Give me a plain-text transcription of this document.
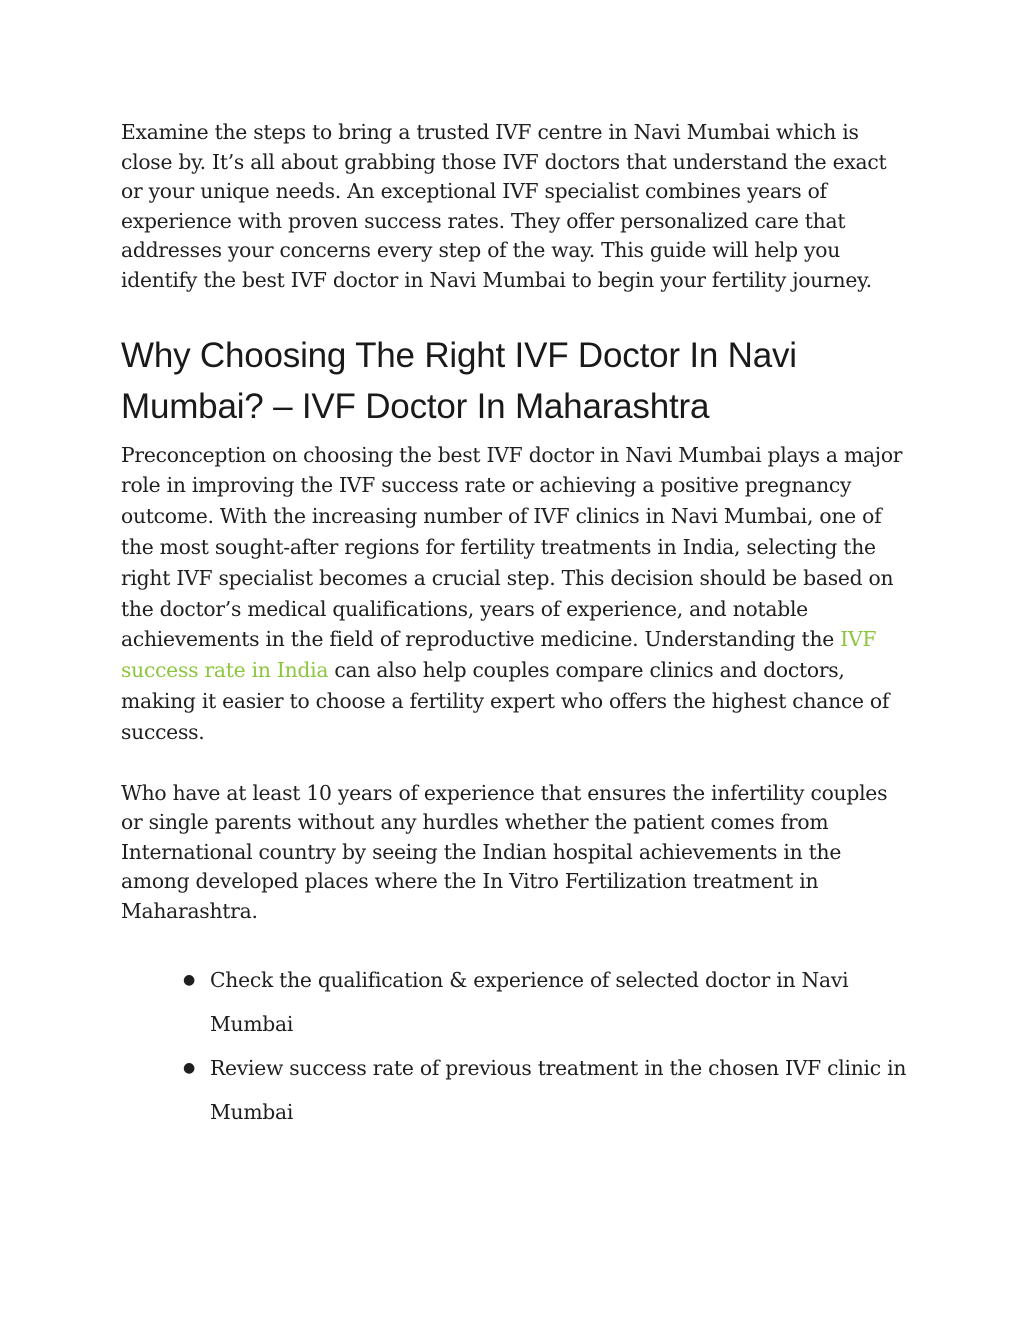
Examine the steps to bring a trusted IVF centre in Navi Mumbai which is close by. It’s all about grabbing those IVF doctors that understand the exact or your unique needs. An exceptional IVF specialist combines years of experience with proven success rates. They offer personalized care that addresses your concerns every step of the way. This guide will help you identify the best IVF doctor in Navi Mumbai to begin your fertility journey.

Why Choosing The Right IVF Doctor In Navi Mumbai? – IVF Doctor In Maharashtra

Preconception on choosing the best IVF doctor in Navi Mumbai plays a major role in improving the IVF success rate or achieving a positive pregnancy outcome. With the increasing number of IVF clinics in Navi Mumbai, one of the most sought-after regions for fertility treatments in India, selecting the right IVF specialist becomes a crucial step. This decision should be based on the doctor’s medical qualifications, years of experience, and notable achievements in the field of reproductive medicine. Understanding the IVF success rate in India can also help couples compare clinics and doctors, making it easier to choose a fertility expert who offers the highest chance of success.

Who have at least 10 years of experience that ensures the infertility couples or single parents without any hurdles whether the patient comes from International country by seeing the Indian hospital achievements in the among developed places where the In Vitro Fertilization treatment in Maharashtra.

● Check the qualification & experience of selected doctor in Navi Mumbai
● Review success rate of previous treatment in the chosen IVF clinic in Mumbai
